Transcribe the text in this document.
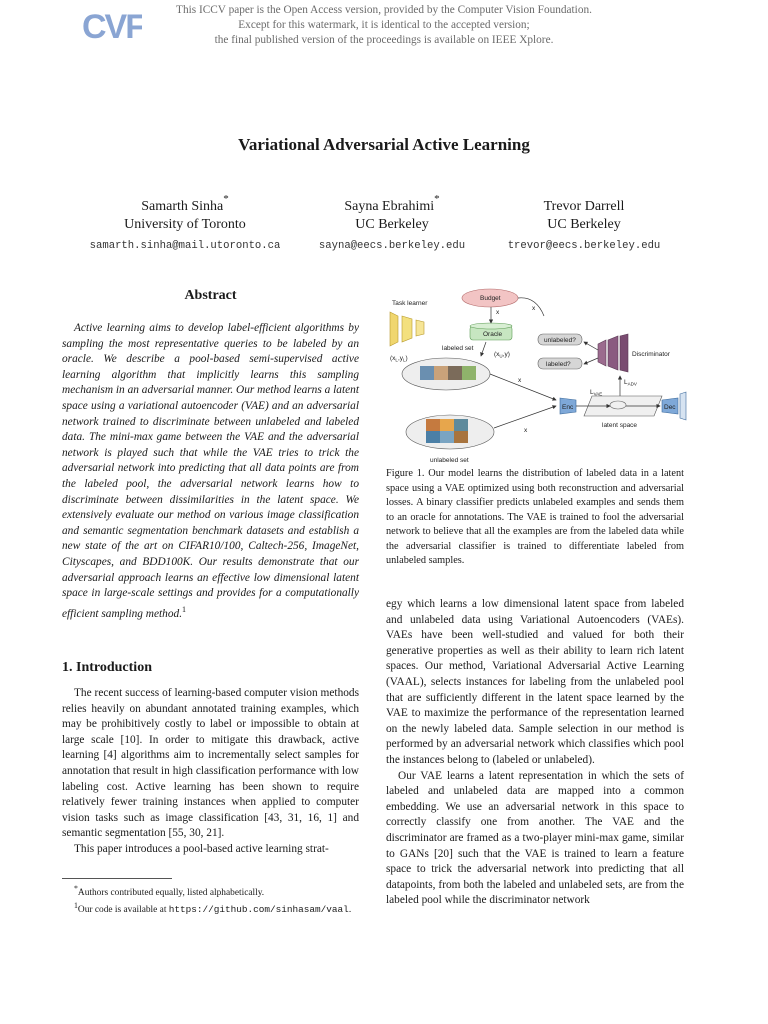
CVF	This ICCV paper is the Open Access version, provided by the Computer Vision Foundation.
Except for this watermark, it is identical to the accepted version;
the final published version of the proceedings is available on IEEE Xplore.
Variational Adversarial Active Learning
Samarth Sinha*
University of Toronto
samarth.sinha@mail.utoronto.ca
Sayna Ebrahimi*
UC Berkeley
sayna@eecs.berkeley.edu
Trevor Darrell
UC Berkeley
trevor@eecs.berkeley.edu
Abstract

Active learning aims to develop label-efficient algorithms by sampling the most representative queries to be labeled by an oracle. We describe a pool-based semi-supervised active learning algorithm that implicitly learns this sampling mechanism in an adversarial manner. Our method learns a latent space using a variational autoencoder (VAE) and an adversarial network trained to discriminate between unlabeled and labeled data. The mini-max game between the VAE and the adversarial network is played such that while the VAE tries to trick the adversarial network into predicting that all data points are from the labeled pool, the adversarial network learns how to discriminate between dissimilarities in the latent space. We extensively evaluate our method on various image classification and semantic segmentation benchmark datasets and establish a new state of the art on CIFAR10/100, Caltech-256, ImageNet, Cityscapes, and BDD100K. Our results demonstrate that our adversarial approach learns an effective low dimensional latent space in large-scale settings and provides for a computationally efficient sampling method.$^1$

1. Introduction

The recent success of learning-based computer vision methods relies heavily on abundant annotated training examples, which may be prohibitively costly to label or impossible to obtain at large scale [10]. In order to mitigate this drawback, active learning [4] algorithms aim to incrementally select samples for annotation that result in high classification performance with low labeling cost. Active learning has been shown to require relatively fewer training instances when applied to computer vision tasks such as image classification [43, 31, 16, 1] and semantic segmentation [55, 30, 21].

This paper introduces a pool-based active learning strat-

*Authors contributed equally, listed alphabetically.
$^1$Our code is available at https://github.com/sinhasam/vaal.
Task learner
Budget
Oracle
x
x
labeled set
$(x_L,y_L)$
$(x_U,y)$
unlabeled set
x
x
unlabeled?
labeled?
Discriminator
$L_{ADV}$
$L_{VAE}$
latent space
Enc	Dec
Figure 1. Our model learns the distribution of labeled data in a latent space using a VAE optimized using both reconstruction and adversarial losses. A binary classifier predicts unlabeled examples and sends them to an oracle for annotations. The VAE is trained to fool the adversarial network to believe that all the examples are from the labeled data while the adversarial classifier is trained to differentiate labeled from unlabeled samples.

egy which learns a low dimensional latent space from labeled and unlabeled data using Variational Autoencoders (VAEs). VAEs have been well-studied and valued for both their generative properties as well as their ability to learn rich latent spaces. Our method, Variational Adversarial Active Learning (VAAL), selects instances for labeling from the unlabeled pool that are sufficiently different in the latent space learned by the VAE to maximize the performance of the representation learned on the newly labeled data. Sample selection in our method is performed by an adversarial network which classifies which pool the instances belong to (labeled or unlabeled).

Our VAE learns a latent representation in which the sets of labeled and unlabeled data are mapped into a common embedding. We use an adversarial network in this space to correctly classify one from another. The VAE and the discriminator are framed as a two-player mini-max game, similar to GANs [20] such that the VAE is trained to learn a feature space to trick the adversarial network into predicting that all datapoints, from both the labeled and unlabeled sets, are from the labeled pool while the discriminator network
